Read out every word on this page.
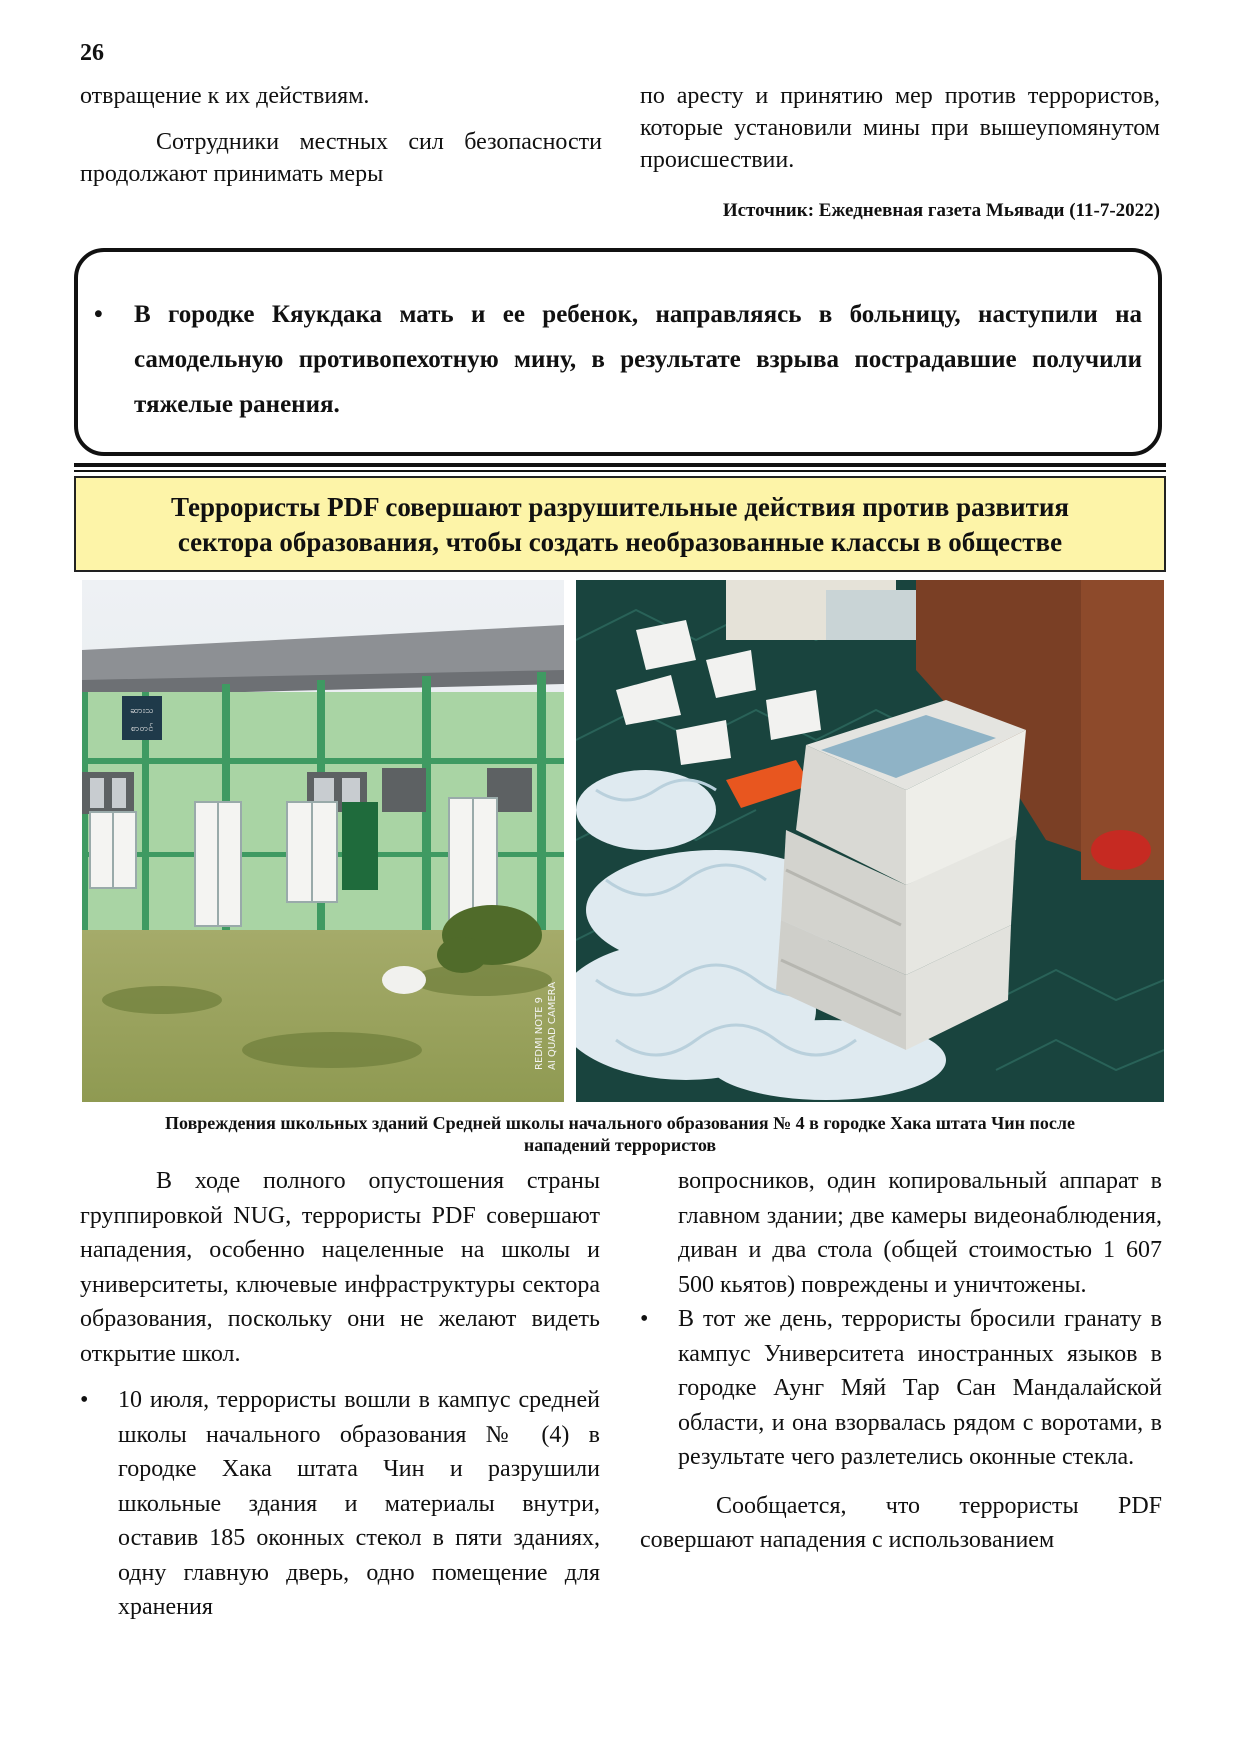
26

отвращение к их действиям.

Сотрудники местных сил безопасности продолжают принимать меры

по аресту и принятию мер против террористов, которые установили мины при вышеупомянутом происшествии.

Источник: Ежедневная газета Мьявади (11-7-2022)
• В городке Кяукдака мать и ее ребенок, направляясь в больницу, наступили на самодельную противопехотную мину, в результате взрыва пострадавшие получили тяжелые ранения.
Террористы PDF совершают разрушительные действия против развития
сектора образования, чтобы создать необразованные классы в обществе
ဆားသ
စာတင်
REDMI NOTE 9 AI QUAD CAMERA
Повреждения школьных зданий Средней школы начального образования № 4 в городке Хака штата Чин после
нападений террористов

В ходе полного опустошения страны группировкой NUG, террористы PDF совершают нападения, особенно нацеленные на школы и университеты, ключевые инфраструктуры сектора образования, поскольку они не желают видеть открытие школ.

• 10 июля, террористы вошли в кампус средней школы начального образования № (4) в городке Хака штата Чин и разрушили школьные здания и материалы внутри, оставив 185 оконных стекол в пяти зданиях, одну главную дверь, одно помещение для хранения
вопросников, один копировальный аппарат в главном здании; две камеры видеонаблюдения, диван и два стола (общей стоимостью 1 607 500 кьятов) повреждены и уничтожены.
• В тот же день, террористы бросили гранату в кампус Университета иностранных языков в городке Аунг Мяй Тар Сан Мандалайской области, и она взорвалась рядом с воротами, в результате чего разлетелись оконные стекла.

Сообщается, что террористы PDF совершают нападения с использованием
